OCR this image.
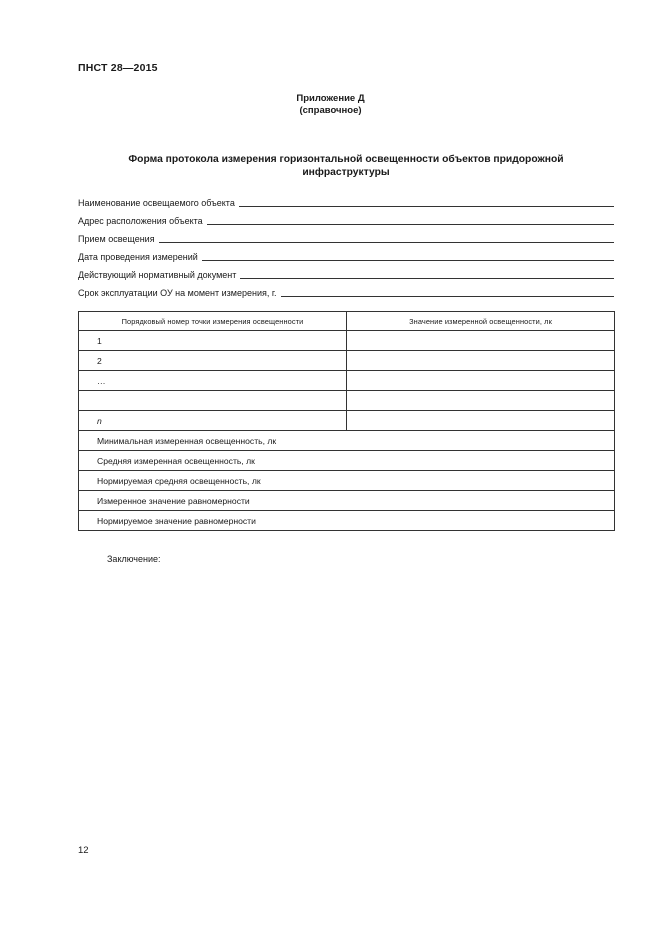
ПНСТ 28—2015
Приложение Д
(справочное)
Форма протокола измерения горизонтальной освещенности объектов придорожной
инфраструктуры
Наименование освещаемого объекта
Адрес расположения объекта
Прием освещения
Дата проведения измерений
Действующий нормативный документ
Срок эксплуатации ОУ на момент измерения, г.
Порядковый номер точки измерения освещенности	Значение измеренной освещенности, лк
1	
2	
…	

n	
Минимальная измеренная освещенность, лк	
Средняя измеренная освещенность, лк	
Нормируемая средняя освещенность, лк	
Измеренное значение равномерности	
Нормируемое значение равномерности	
Заключение:
12
